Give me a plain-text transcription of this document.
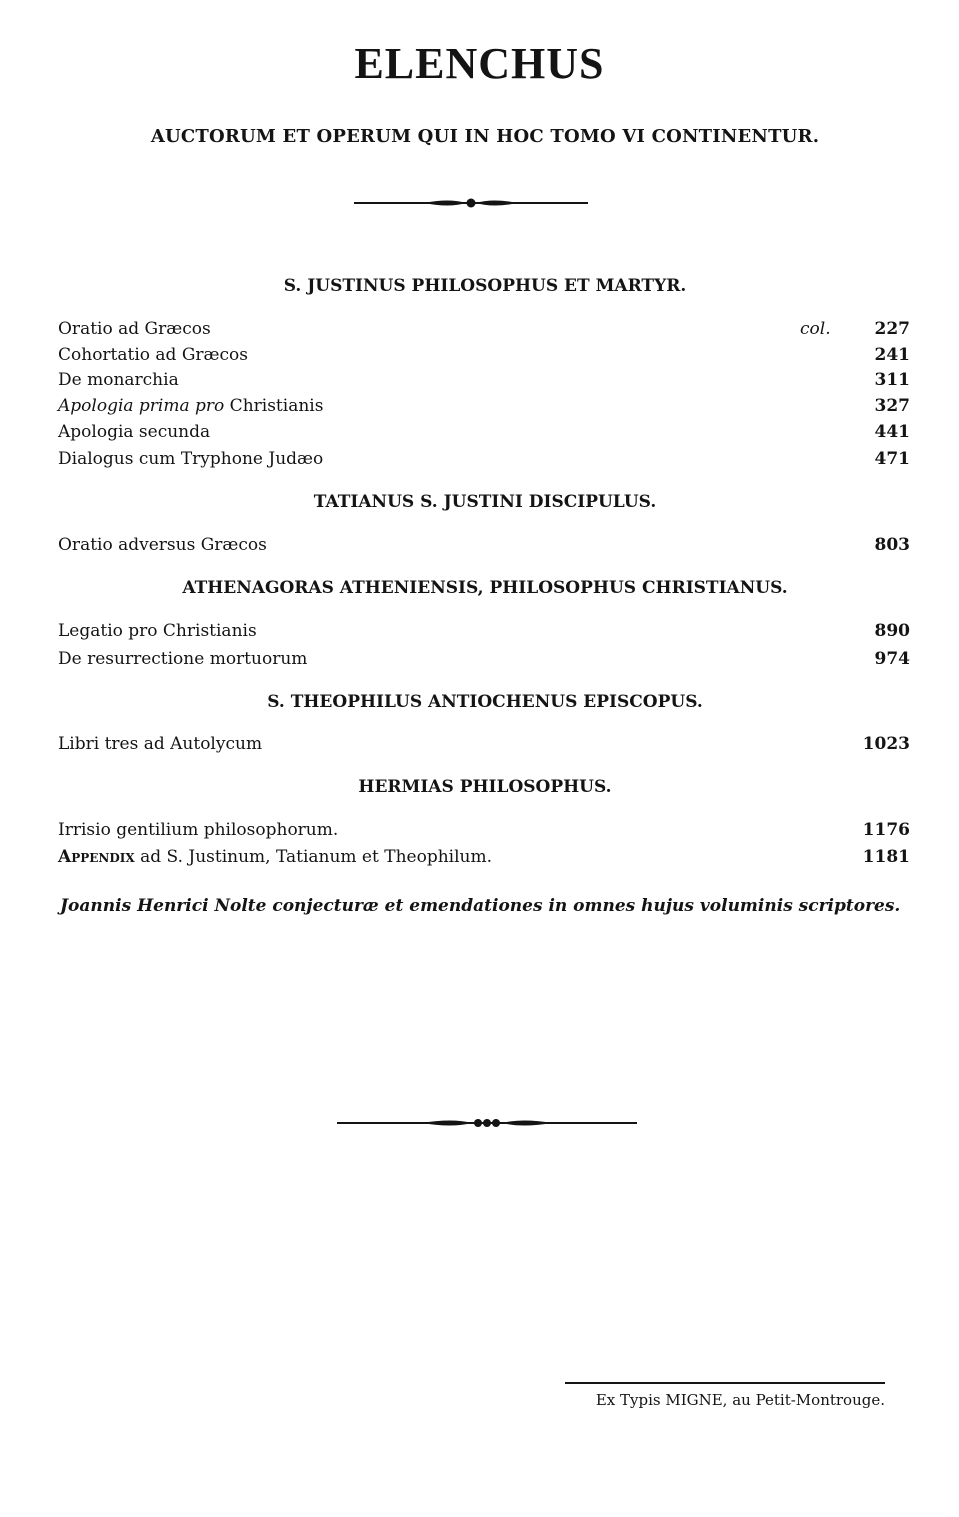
ELENCHUS
AUCTORUM ET OPERUM QUI IN HOC TOMO VI CONTINENTUR.
S. JUSTINUS PHILOSOPHUS ET MARTYR.
Oratio ad Græcos	col.	227
Cohortatio ad Græcos	241
De monarchia	311
Apologia prima pro Christianis	327
Apologia secunda	441
Dialogus cum Tryphone Judæo	471
TATIANUS S. JUSTINI DISCIPULUS.
Oratio adversus Græcos	803
ATHENAGORAS ATHENIENSIS, PHILOSOPHUS CHRISTIANUS.
Legatio pro Christianis	890
De resurrectione mortuorum	974
S. THEOPHILUS ANTIOCHENUS EPISCOPUS.
Libri tres ad Autolycum	1023
HERMIAS PHILOSOPHUS.
Irrisio gentilium philosophorum.	1176
APPENDIX ad S. Justinum, Tatianum et Theophilum.	1181

Joannis Henrici Nolte conjecturæ et emendationes in omnes hujus voluminis scriptores.

Ex Typis MIGNE, au Petit-Montrouge.
